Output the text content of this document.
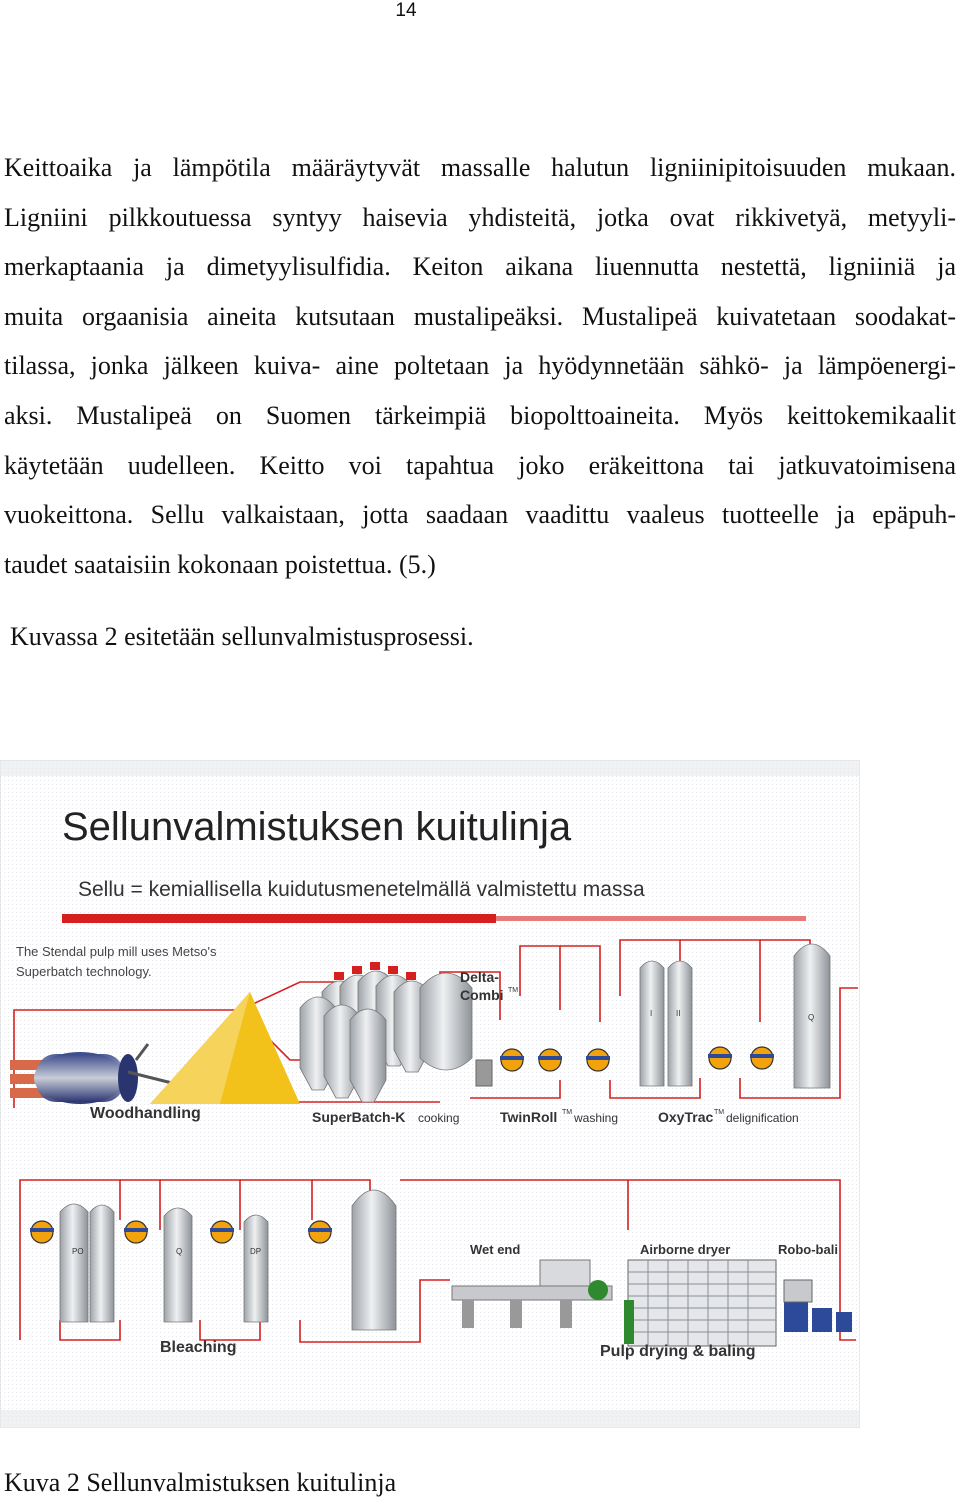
14

Keittoaika ja lämpötila määräytyvät massalle halutun ligniinipitoisuuden mukaan.
Ligniini pilkkoutuessa syntyy haisevia yhdisteitä, jotka ovat rikkivetyä, metyyli-
merkaptaania ja dimetyylisulfidia. Keiton aikana liuennutta nestettä, ligniiniä ja
muita orgaanisia aineita kutsutaan mustalipeäksi. Mustalipeä kuivatetaan soodakat-
tilassa, jonka jälkeen kuiva- aine poltetaan ja hyödynnetään sähkö- ja lämpöenergi-
aksi. Mustalipeä on Suomen tärkeimpiä biopolttoaineita. Myös keittokemikaalit
käytetään uudelleen. Keitto voi tapahtua joko eräkeittona tai jatkuvatoimisena
vuokeittona. Sellu valkaistaan, jotta saadaan vaadittu vaaleus tuotteelle ja epäpuh-
taudet saataisiin kokonaan poistettua. (5.)

Kuvassa 2 esitetään sellunvalmistusprosessi.
Sellunvalmistuksen kuitulinja
Sellu = kemiallisella kuidutusmenetelmällä valmistettu massa
The Stendal pulp mill uses Metso's
Superbatch technology.
Woodhandling
Delta-
Combi TM
SuperBatch-K cooking
I	II	Q
TwinRoll TM washing	OxyTrac TM delignification
PO	Q	DP
Bleaching
Wet end	Airborne dryer	Robo-bali
Pulp drying & baling
Kuva 2 Sellunvalmistuksen kuitulinja
